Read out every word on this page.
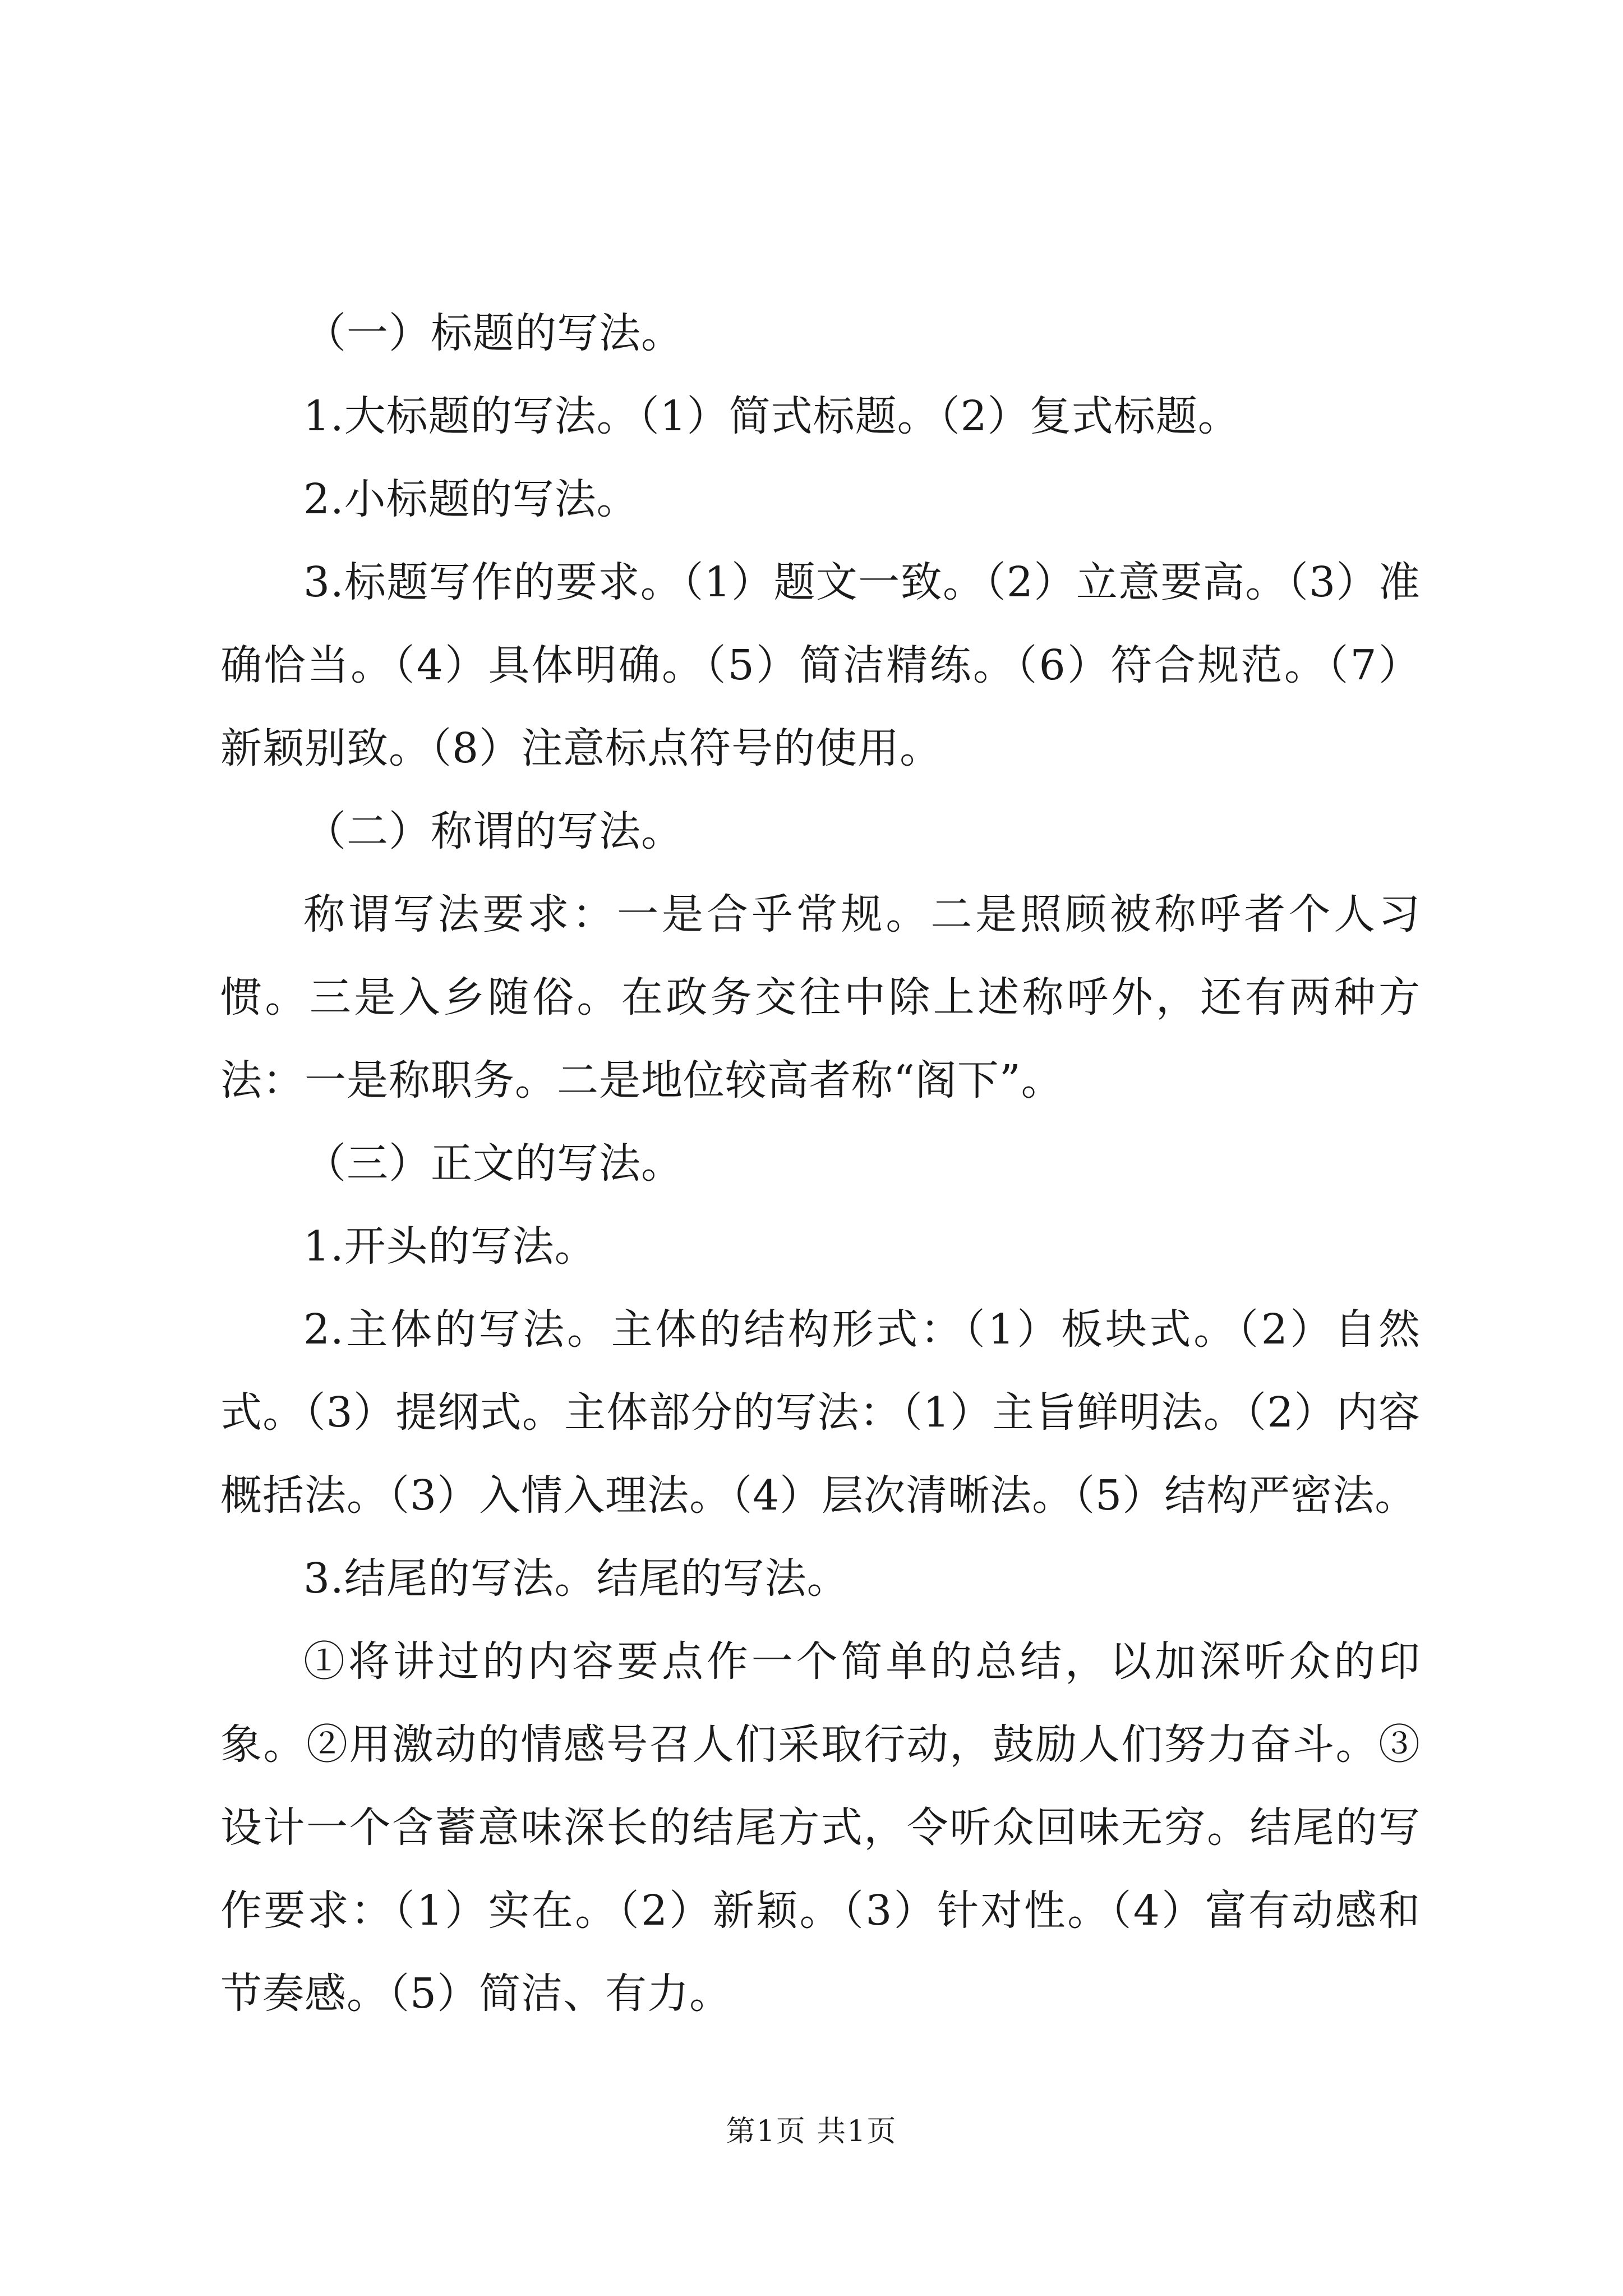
（一）标题的写法。

1.大标题的写法。（1）简式标题。（2）复式标题。

2.小标题的写法。

3.标题写作的要求。（1）题文一致。（2）立意要高。（3）准确恰当。（4）具体明确。（5）简洁精练。（6）符合规范。（7）新颖别致。（8）注意标点符号的使用。

（二）称谓的写法。

称谓写法要求：一是合乎常规。二是照顾被称呼者个人习惯。三是入乡随俗。在政务交往中除上述称呼外，还有两种方法：一是称职务。二是地位较高者称“阁下”。

（三）正文的写法。

1.开头的写法。

2.主体的写法。主体的结构形式：（1）板块式。（2）自然式。（3）提纲式。主体部分的写法：（1）主旨鲜明法。（2）内容概括法。（3）入情入理法。（4）层次清晰法。（5）结构严密法。

3.结尾的写法。结尾的写法。

①将讲过的内容要点作一个简单的总结，以加深听众的印象。②用激动的情感号召人们采取行动，鼓励人们努力奋斗。③设计一个含蓄意味深长的结尾方式，令听众回味无穷。结尾的写作要求：（1）实在。（2）新颖。（3）针对性。（4）富有动感和节奏感。（5）简洁、有力。

第1页 共1页
